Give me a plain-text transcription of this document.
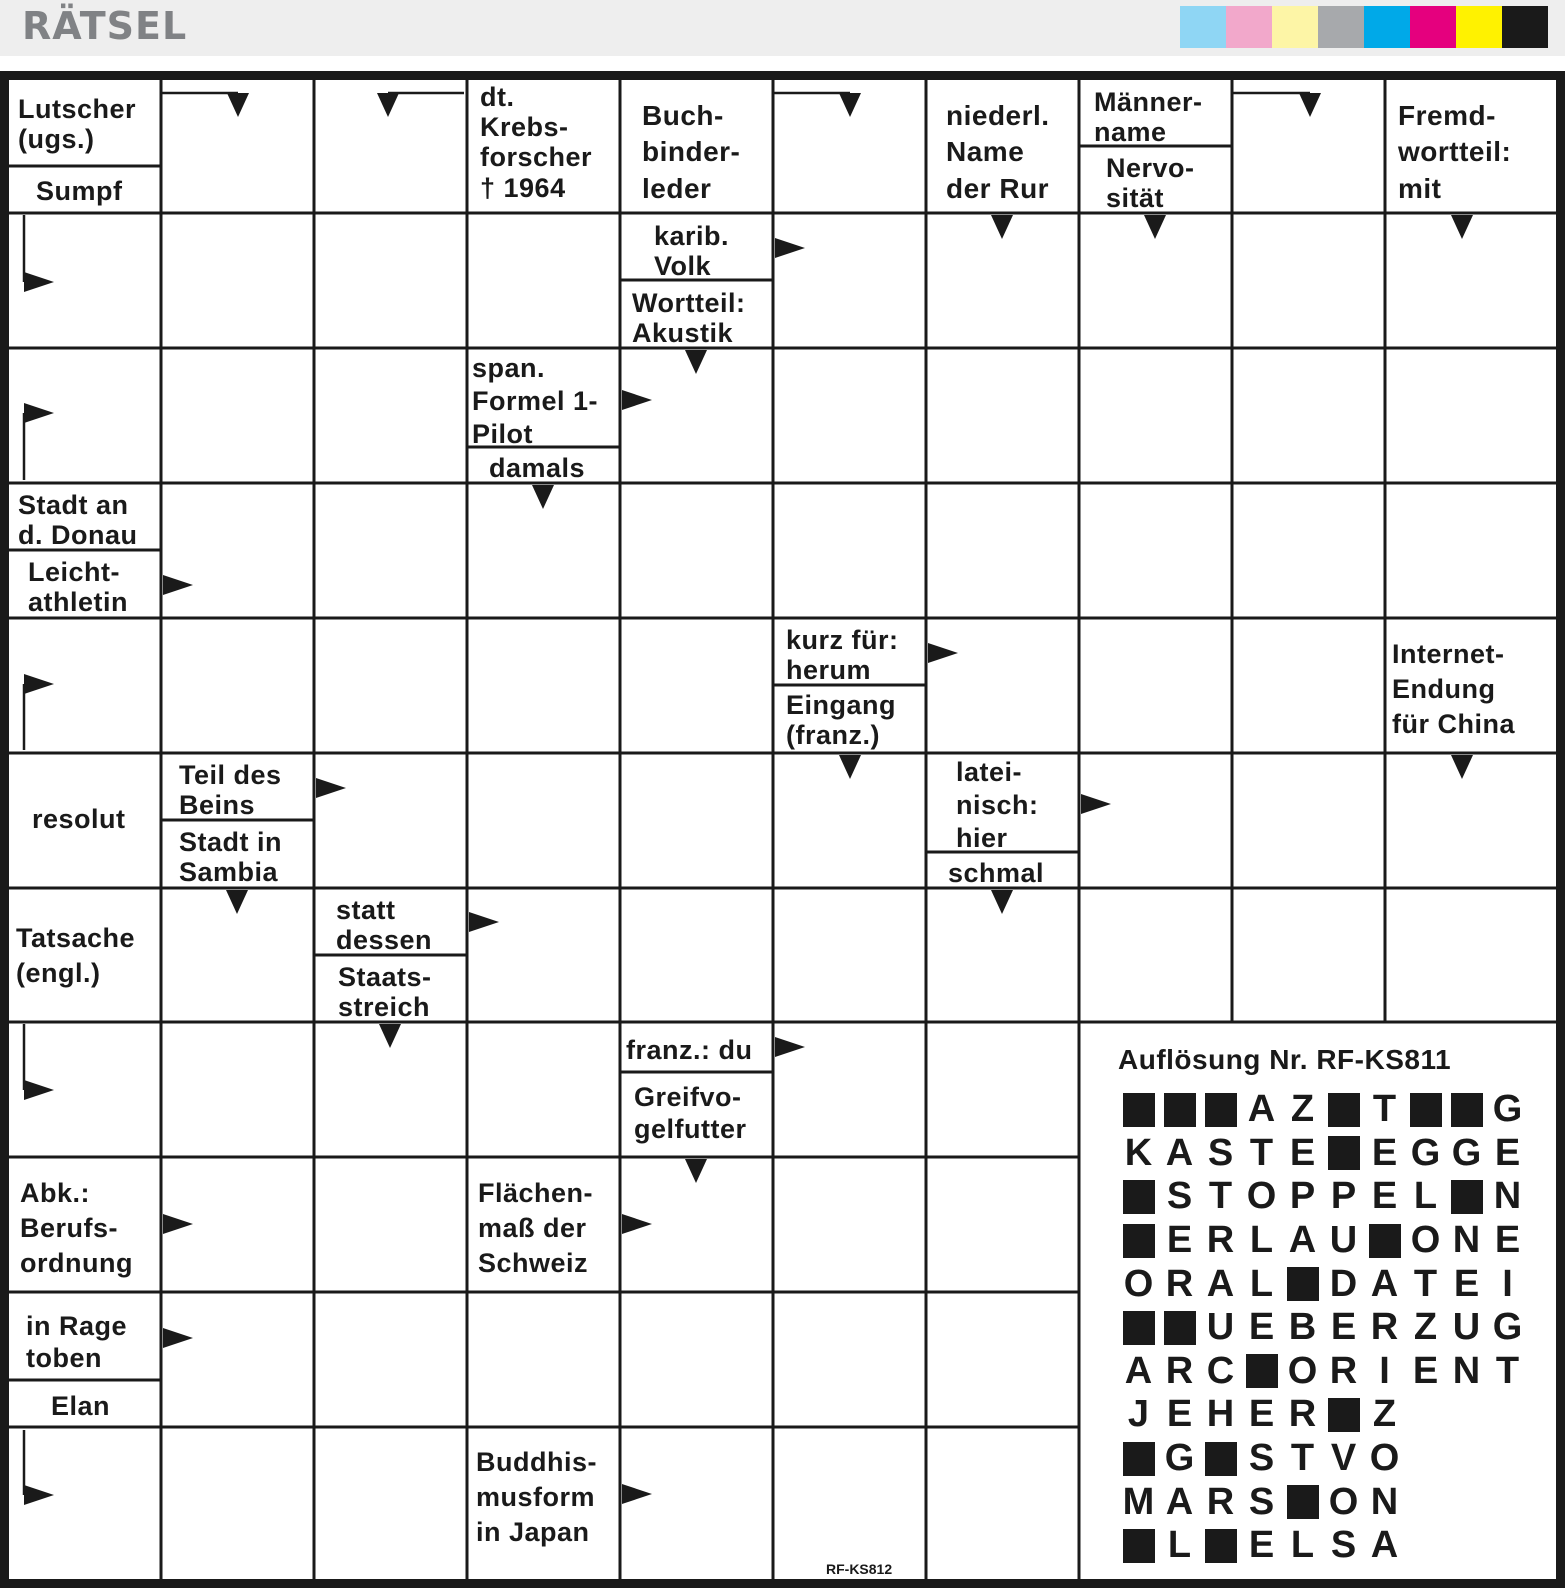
RÄTSEL
Lutscher
(ugs.)
Sumpf
dt.
Krebs-
forscher
† 1964
Buch-
binder-
leder
niederl.
Name
der Rur
Männer-
name
Nervo-
sität
Fremd-
wortteil:
mit
karib.
Volk
Wortteil:
Akustik
span.
Formel 1-
Pilot
damals
Stadt an
d. Donau
Leicht-
athletin
kurz für:
herum
Eingang
(franz.)
Internet-
Endung
für China
resolut
Teil des
Beins
Stadt in
Sambia
latei-
nisch:
hier
schmal
Tatsache
(engl.)
statt
dessen
Staats-
streich
franz.: du
Greifvo-
gelfutter
Abk.:
Berufs-
ordnung
Flächen-
maß der
Schweiz
in Rage
toben
Elan
Buddhis-
musform
in Japan
Auflösung Nr. RF-KS811
A Z T	G
K A S T E E G G E
S T O P P E L N
E R L A U O N E
O R A L D A T E I
U E B E R Z U G
A R C O R I E N T
J E H E R Z
G S T V O
M A R S O N
L E L S A
RF-KS812
